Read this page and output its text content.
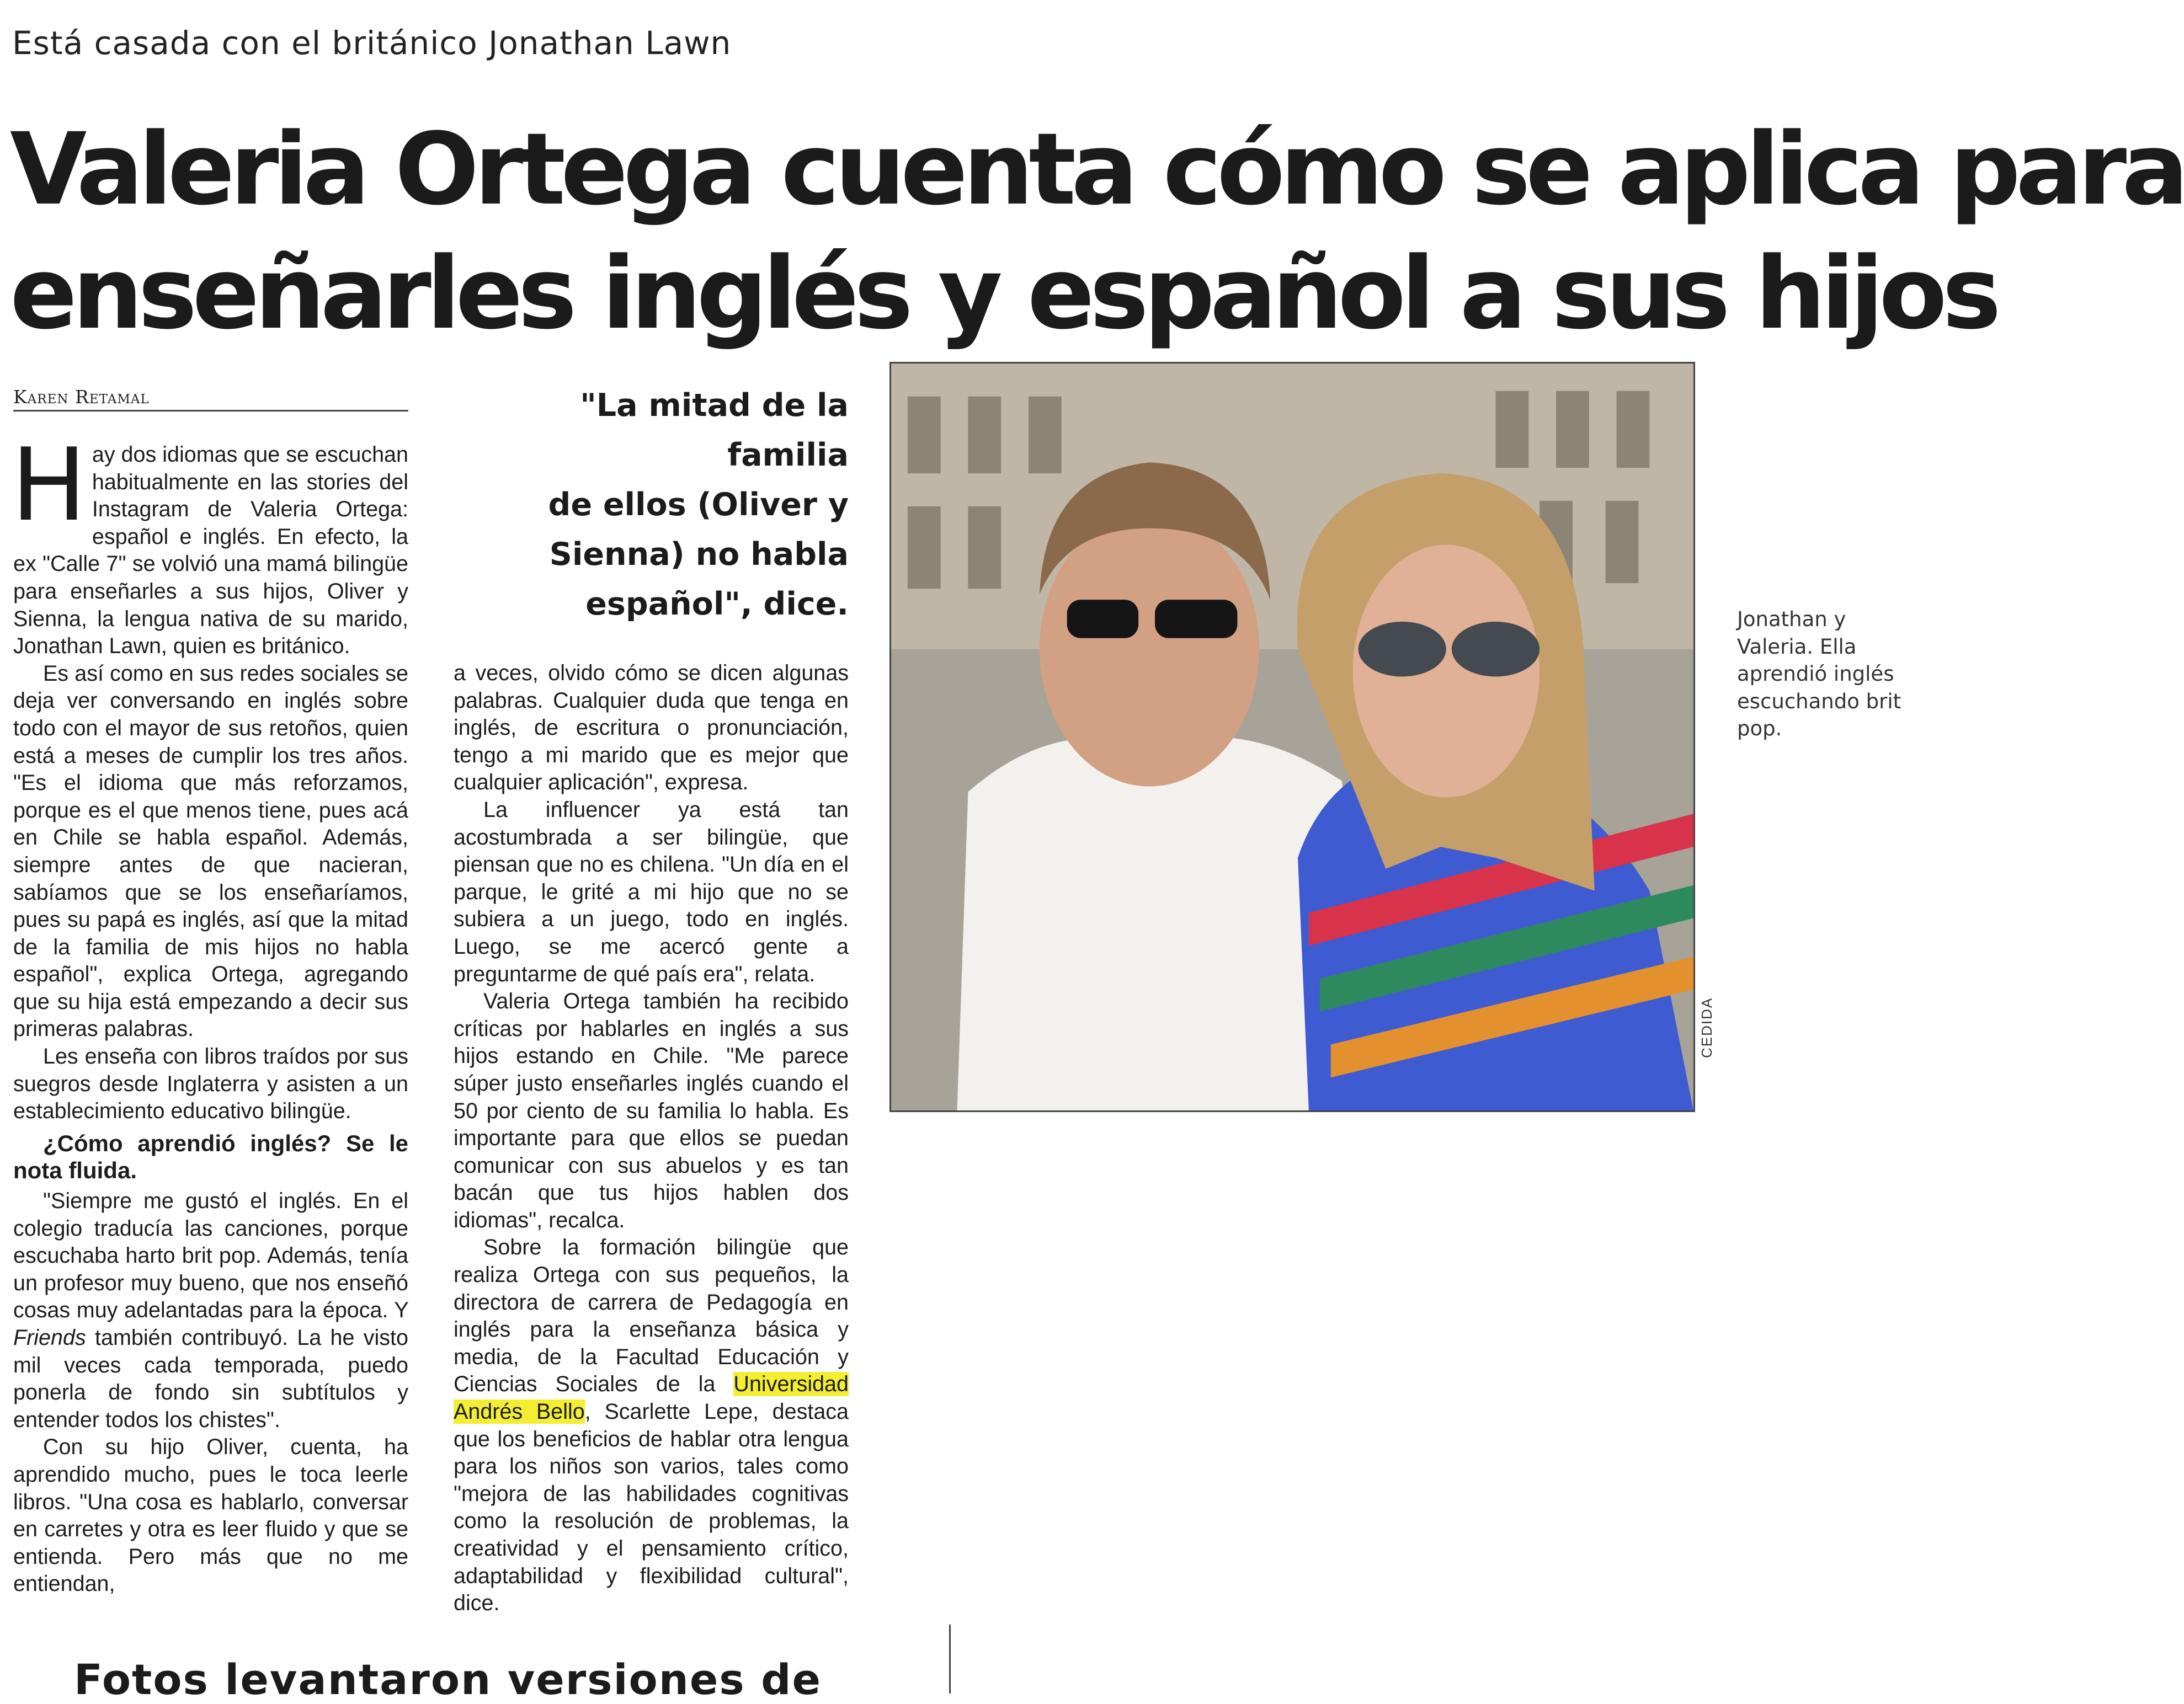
Está casada con el británico Jonathan Lawn
Valeria Ortega cuenta cómo se aplica para
enseñarles inglés y español a sus hijos
Karen Retamal

Hay dos idiomas que se escuchan habitualmente en las stories del Instagram de Valeria Ortega: español e inglés. En efecto, la ex "Calle 7" se volvió una mamá bilingüe para enseñarles a sus hijos, Oliver y Sienna, la lengua nativa de su marido, Jonathan Lawn, quien es británico.

Es así como en sus redes sociales se deja ver conversando en inglés sobre todo con el mayor de sus retoños, quien está a meses de cumplir los tres años. "Es el idioma que más reforzamos, porque es el que menos tiene, pues acá en Chile se habla español. Además, siempre antes de que nacieran, sabíamos que se los enseñaríamos, pues su papá es inglés, así que la mitad de la familia de mis hijos no habla español", explica Ortega, agregando que su hija está empezando a decir sus primeras palabras.

Les enseña con libros traídos por sus suegros desde Inglaterra y asisten a un establecimiento educativo bilingüe.

¿Cómo aprendió inglés? Se le nota fluida.

"Siempre me gustó el inglés. En el colegio traducía las canciones, porque escuchaba harto brit pop. Además, tenía un profesor muy bueno, que nos enseñó cosas muy adelantadas para la época. Y Friends también contribuyó. La he visto mil veces cada temporada, puedo ponerla de fondo sin subtítulos y entender todos los chistes".

Con su hijo Oliver, cuenta, ha aprendido mucho, pues le toca leerle libros. "Una cosa es hablarlo, conversar en carretes y otra es leer fluido y que se entienda. Pero más que no me entiendan,

"La mitad de la familia
de ellos (Oliver y
Sienna) no habla
español", dice.

a veces, olvido cómo se dicen algunas palabras. Cualquier duda que tenga en inglés, de escritura o pronunciación, tengo a mi marido que es mejor que cualquier aplicación", expresa.

La influencer ya está tan acostumbrada a ser bilingüe, que piensan que no es chilena. "Un día en el parque, le grité a mi hijo que no se subiera a un juego, todo en inglés. Luego, se me acercó gente a preguntarme de qué país era", relata.

Valeria Ortega también ha recibido críticas por hablarles en inglés a sus hijos estando en Chile. "Me parece súper justo enseñarles inglés cuando el 50 por ciento de su familia lo habla. Es importante para que ellos se puedan comunicar con sus abuelos y es tan bacán que tus hijos hablen dos idiomas", recalca.

Sobre la formación bilingüe que realiza Ortega con sus pequeños, la directora de carrera de Pedagogía en inglés para la enseñanza básica y media, de la Facultad Educación y Ciencias Sociales de la Universidad Andrés Bello, Scarlette Lepe, destaca que los beneficios de hablar otra lengua para los niños son varios, tales como "mejora de las habilidades cognitivas como la resolución de problemas, la creatividad y el pensamiento crítico, adaptabilidad y flexibilidad cultural", dice.

CEDIDA
Jonathan y Valeria. Ella aprendió inglés escuchando brit pop.
Fotos levantaron versiones de
